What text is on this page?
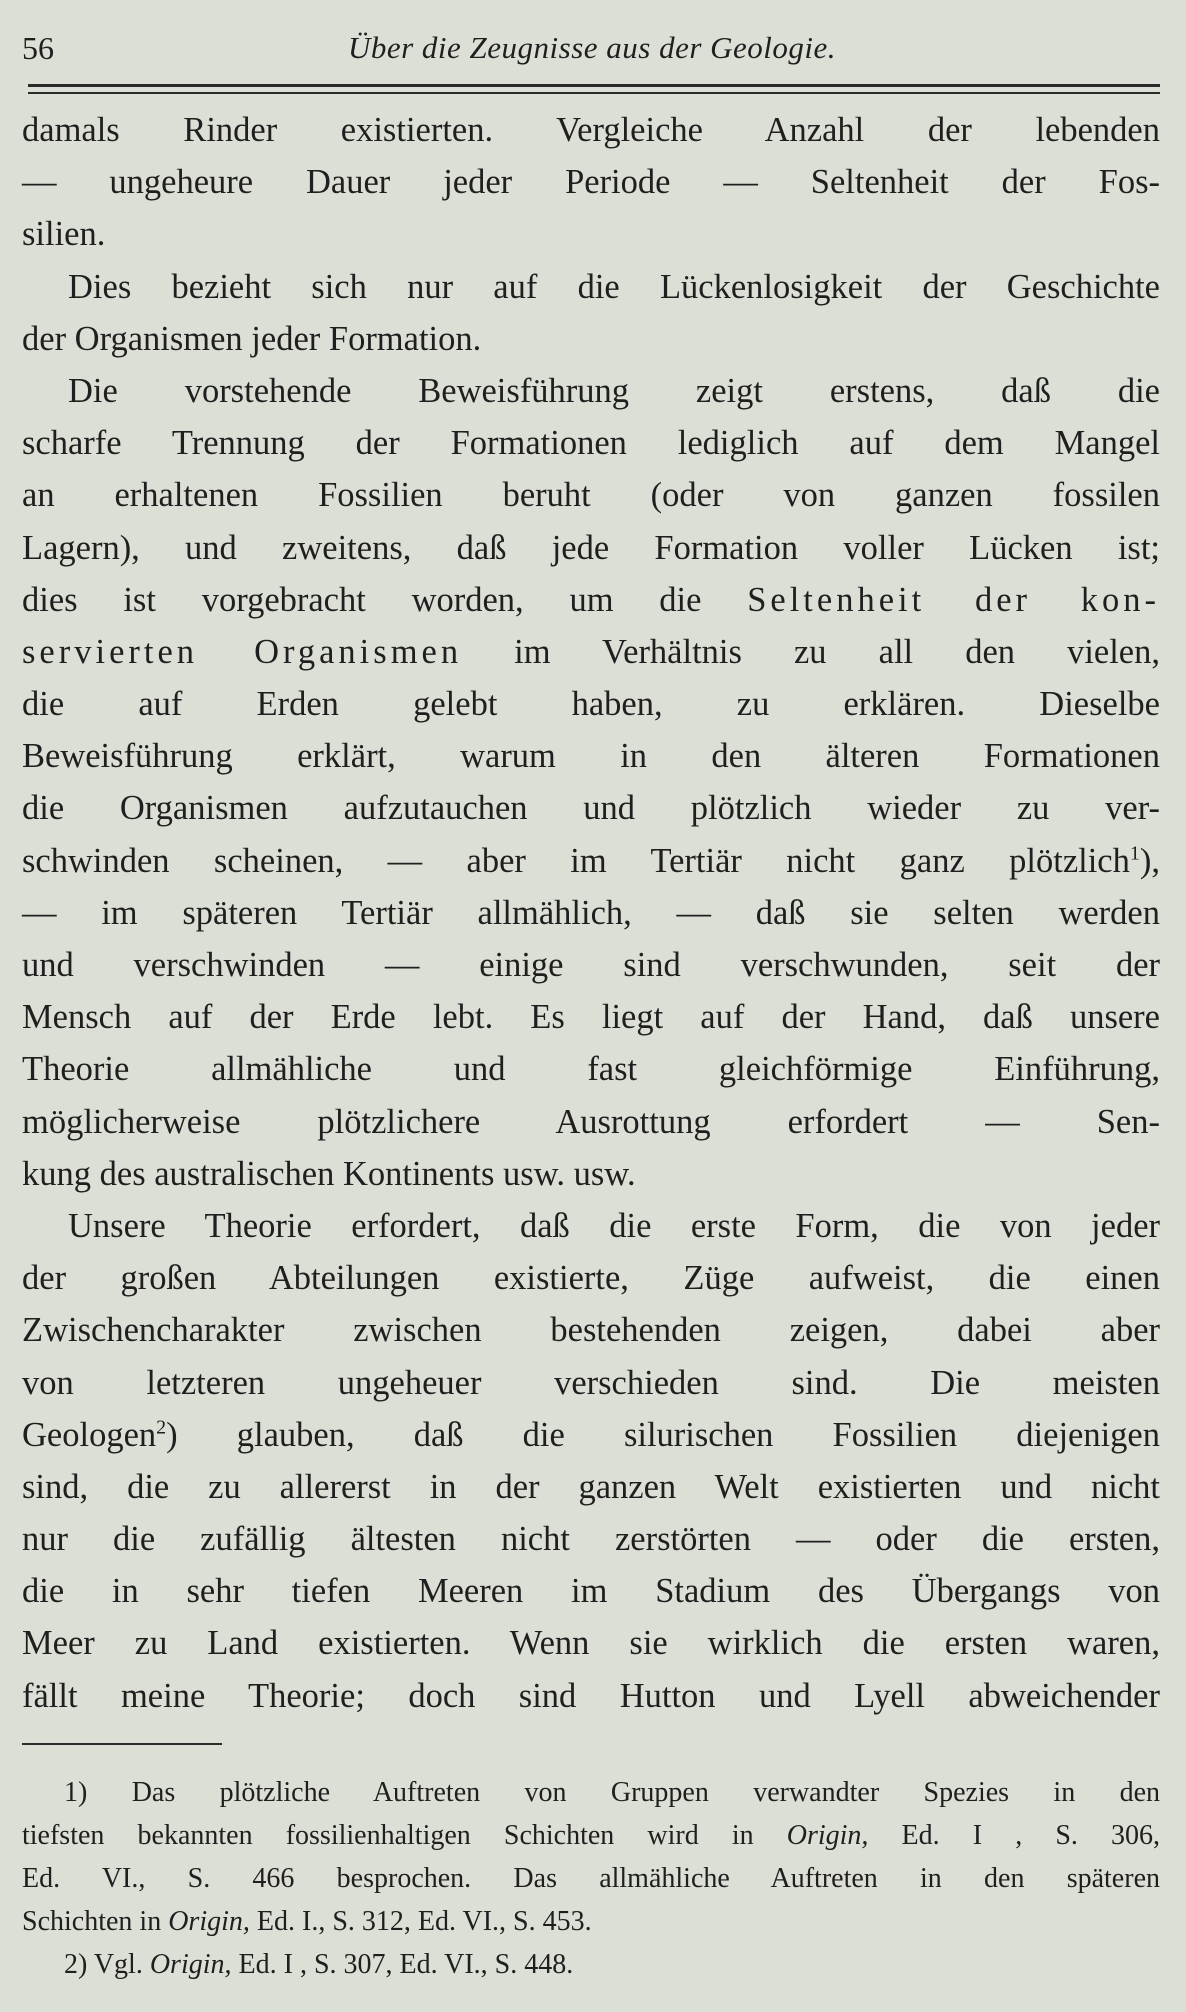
56	Über die Zeugnisse aus der Geologie.
damals Rinder existierten. Vergleiche Anzahl der lebenden
— ungeheure Dauer jeder Periode — Seltenheit der Fos-
silien.
Dies bezieht sich nur auf die Lückenlosigkeit der Geschichte
der Organismen jeder Formation.
Die vorstehende Beweisführung zeigt erstens, daß die
scharfe Trennung der Formationen lediglich auf dem Mangel
an erhaltenen Fossilien beruht (oder von ganzen fossilen
Lagern), und zweitens, daß jede Formation voller Lücken ist;
dies ist vorgebracht worden, um die Seltenheit der kon-
servierten Organismen im Verhältnis zu all den vielen,
die auf Erden gelebt haben, zu erklären. Dieselbe
Beweisführung erklärt, warum in den älteren Formationen
die Organismen aufzutauchen und plötzlich wieder zu ver-
schwinden scheinen, — aber im Tertiär nicht ganz plötzlich$^1$),
— im späteren Tertiär allmählich, — daß sie selten werden
und verschwinden — einige sind verschwunden, seit der
Mensch auf der Erde lebt. Es liegt auf der Hand, daß unsere
Theorie allmähliche und fast gleichförmige Einführung,
möglicherweise plötzlichere Ausrottung erfordert — Sen-
kung des australischen Kontinents usw. usw.
Unsere Theorie erfordert, daß die erste Form, die von jeder
der großen Abteilungen existierte, Züge aufweist, die einen
Zwischencharakter zwischen bestehenden zeigen, dabei aber
von letzteren ungeheuer verschieden sind. Die meisten
Geologen$^2$) glauben, daß die silurischen Fossilien diejenigen
sind, die zu allererst in der ganzen Welt existierten und nicht
nur die zufällig ältesten nicht zerstörten — oder die ersten,
die in sehr tiefen Meeren im Stadium des Übergangs von
Meer zu Land existierten. Wenn sie wirklich die ersten waren,
fällt meine Theorie; doch sind Hutton und Lyell abweichender
1) Das plötzliche Auftreten von Gruppen verwandter Spezies in den
tiefsten bekannten fossilienhaltigen Schichten wird in Origin, Ed. I , S. 306,
Ed. VI., S. 466 besprochen. Das allmähliche Auftreten in den späteren
Schichten in Origin, Ed. I., S. 312, Ed. VI., S. 453.
2) Vgl. Origin, Ed. I , S. 307, Ed. VI., S. 448.
